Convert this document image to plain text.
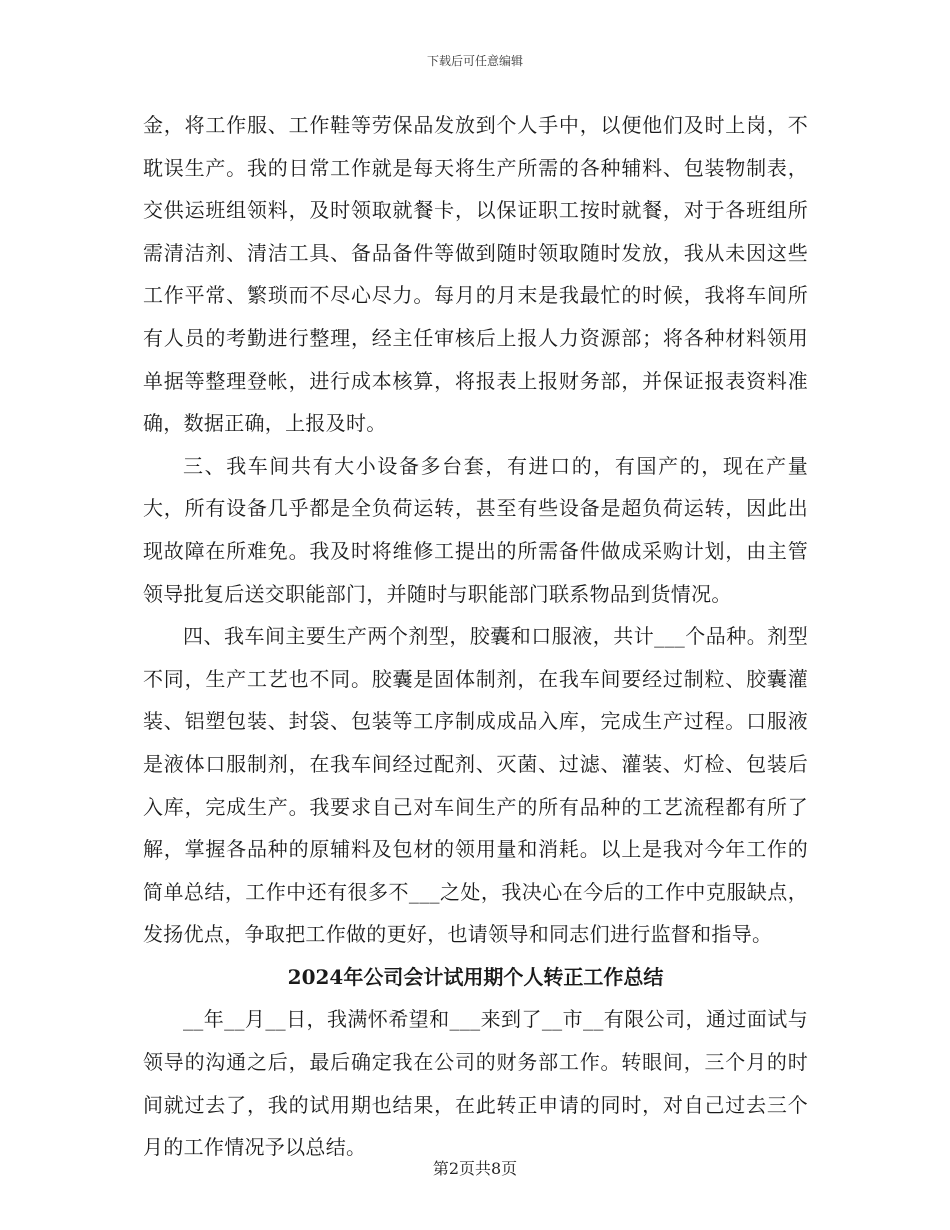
下载后可任意编辑

金，将工作服、工作鞋等劳保品发放到个人手中，以便他们及时上岗，不耽误生产。我的日常工作就是每天将生产所需的各种辅料、包装物制表，交供运班组领料，及时领取就餐卡，以保证职工按时就餐，对于各班组所需清洁剂、清洁工具、备品备件等做到随时领取随时发放，我从未因这些工作平常、繁琐而不尽心尽力。每月的月末是我最忙的时候，我将车间所有人员的考勤进行整理，经主任审核后上报人力资源部；将各种材料领用单据等整理登帐，进行成本核算，将报表上报财务部，并保证报表资料准确，数据正确，上报及时。

三、我车间共有大小设备多台套，有进口的，有国产的，现在产量大，所有设备几乎都是全负荷运转，甚至有些设备是超负荷运转，因此出现故障在所难免。我及时将维修工提出的所需备件做成采购计划，由主管领导批复后送交职能部门，并随时与职能部门联系物品到货情况。

四、我车间主要生产两个剂型，胶囊和口服液，共计___个品种。剂型不同，生产工艺也不同。胶囊是固体制剂，在我车间要经过制粒、胶囊灌装、铝塑包装、封袋、包装等工序制成成品入库，完成生产过程。口服液是液体口服制剂，在我车间经过配剂、灭菌、过滤、灌装、灯检、包装后入库，完成生产。我要求自己对车间生产的所有品种的工艺流程都有所了解，掌握各品种的原辅料及包材的领用量和消耗。以上是我对今年工作的简单总结，工作中还有很多不___之处，我决心在今后的工作中克服缺点，发扬优点，争取把工作做的更好，也请领导和同志们进行监督和指导。

2024年公司会计试用期个人转正工作总结

__年__月__日，我满怀希望和___来到了__市__有限公司，通过面试与领导的沟通之后，最后确定我在公司的财务部工作。转眼间，三个月的时间就过去了，我的试用期也结果，在此转正申请的同时，对自己过去三个月的工作情况予以总结。

第2页共8页
